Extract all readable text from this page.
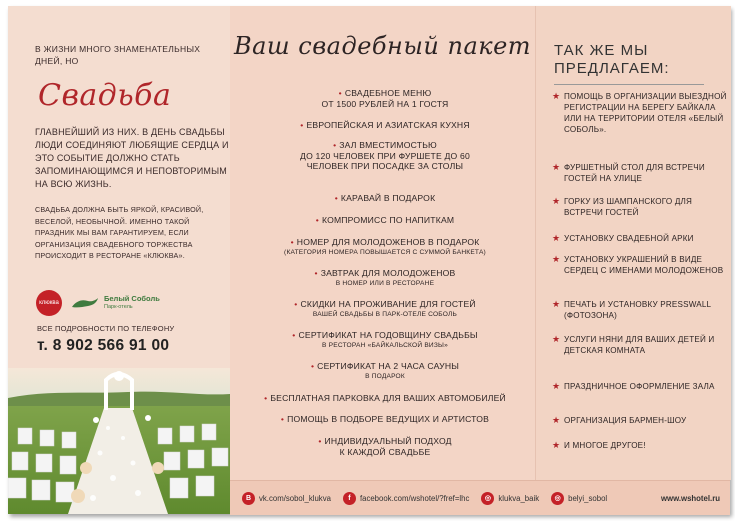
В ЖИЗНИ МНОГО ЗНАМЕНАТЕЛЬНЫХ ДНЕЙ, НО
Свадьба
ГЛАВНЕЙШИЙ ИЗ НИХ. В ДЕНЬ СВАДЬБЫ ЛЮДИ СОЕДИНЯЮТ ЛЮБЯЩИЕ СЕРДЦА И ЭТО СОБЫТИЕ ДОЛЖНО СТАТЬ ЗАПОМИНАЮЩИМСЯ И НЕПОВТОРИМЫМ НА ВСЮ ЖИЗНЬ.
СВАДЬБА ДОЛЖНА БЫТЬ ЯРКОЙ, КРАСИВОЙ, ВЕСЕЛОЙ, НЕОБЫЧНОЙ. ИМЕННО ТАКОЙ ПРАЗДНИК МЫ ВАМ ГАРАНТИРУЕМ, ЕСЛИ ОРГАНИЗАЦИЯ СВАДЕБНОГО ТОРЖЕСТВА ПРОИСХОДИТ В РЕСТОРАНЕ «КЛЮКВА».
клюква	Белый Соболь
Парк-отель
ВСЕ ПОДРОБНОСТИ ПО ТЕЛЕФОНУ
т. 8 902 566 91 00
Ваш свадебный пакет
• СВАДЕБНОЕ МЕНЮ
ОТ 1500 РУБЛЕЙ НА 1 ГОСТЯ
• ЕВРОПЕЙСКАЯ И АЗИАТСКАЯ КУХНЯ
• ЗАЛ ВМЕСТИМОСТЬЮ
ДО 120 ЧЕЛОВЕК ПРИ ФУРШЕТЕ ДО 60 ЧЕЛОВЕК ПРИ ПОСАДКЕ ЗА СТОЛЫ
• КАРАВАЙ В ПОДАРОК
• КОМПРОМИСС ПО НАПИТКАМ
• НОМЕР ДЛЯ МОЛОДОЖЕНОВ В ПОДАРОК
(КАТЕГОРИЯ НОМЕРА ПОВЫШАЕТСЯ С СУММОЙ БАНКЕТА)
• ЗАВТРАК ДЛЯ МОЛОДОЖЕНОВ
В НОМЕР ИЛИ В РЕСТОРАНЕ
• СКИДКИ НА ПРОЖИВАНИЕ ДЛЯ ГОСТЕЙ
ВАШЕЙ СВАДЬБЫ В ПАРК-ОТЕЛЕ СОБОЛЬ
• СЕРТИФИКАТ НА ГОДОВЩИНУ СВАДЬБЫ
В РЕСТОРАН «БАЙКАЛЬСКОЙ ВИЗЫ»
• СЕРТИФИКАТ НА 2 ЧАСА САУНЫ
В ПОДАРОК
• БЕСПЛАТНАЯ ПАРКОВКА ДЛЯ ВАШИХ АВТОМОБИЛЕЙ
• ПОМОЩЬ В ПОДБОРЕ ВЕДУЩИХ И АРТИСТОВ
• ИНДИВИДУАЛЬНЫЙ ПОДХОД
К КАЖДОЙ СВАДЬБЕ
ТАК ЖЕ МЫ ПРЕДЛАГАЕМ:
★ ПОМОЩЬ В ОРГАНИЗАЦИИ ВЫЕЗДНОЙ РЕГИСТРАЦИИ НА БЕРЕГУ БАЙКАЛА ИЛИ НА ТЕРРИТОРИИ ОТЕЛЯ «БЕЛЫЙ СОБОЛЬ».
★ ФУРШЕТНЫЙ СТОЛ ДЛЯ ВСТРЕЧИ ГОСТЕЙ НА УЛИЦЕ
★ ГОРКУ ИЗ ШАМПАНСКОГО ДЛЯ ВСТРЕЧИ ГОСТЕЙ
★ УСТАНОВКУ СВАДЕБНОЙ АРКИ
★ УСТАНОВКУ УКРАШЕНИЙ В ВИДЕ СЕРДЕЦ С ИМЕНАМИ МОЛОДОЖЕНОВ
★ ПЕЧАТЬ И УСТАНОВКУ PRESSWALL (ФОТОЗОНА)
★ УСЛУГИ НЯНИ ДЛЯ ВАШИХ ДЕТЕЙ И ДЕТСКАЯ КОМНАТА
★ ПРАЗДНИЧНОЕ ОФОРМЛЕНИЕ ЗАЛА
★ ОРГАНИЗАЦИЯ БАРМЕН-ШОУ
★ И МНОГОЕ ДРУГОЕ!
B	vk.com/sobol_klukva	f	facebook.com/wshotel/?fref=lhc	◎ klukva_baik	◎ belyi_sobol	www.wshotel.ru
